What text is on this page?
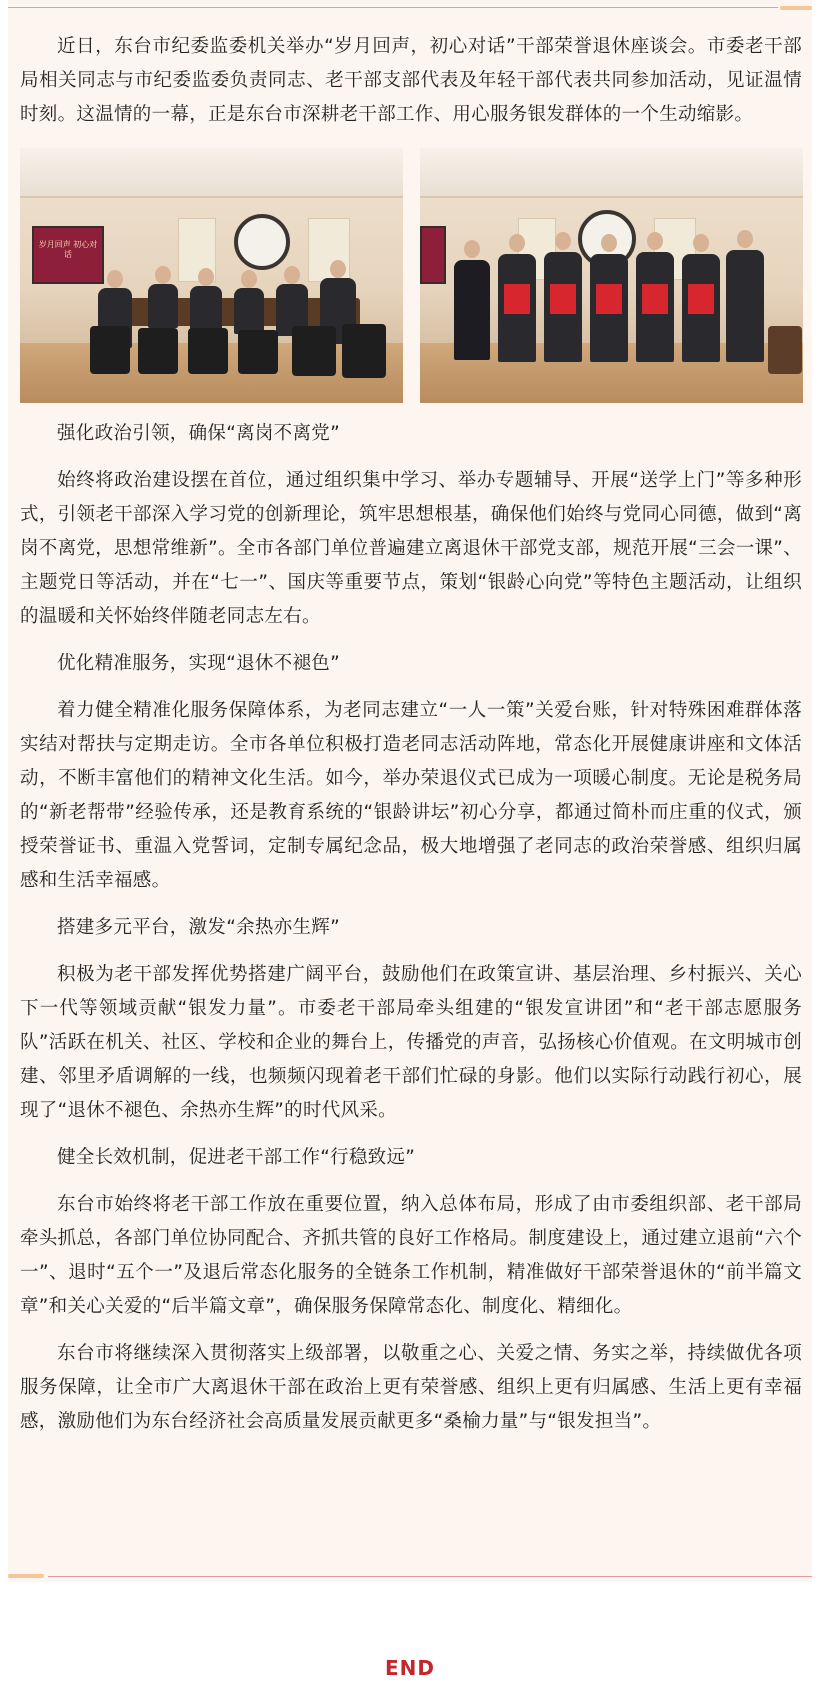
近日，东台市纪委监委机关举办“岁月回声，初心对话”干部荣誉退休座谈会。市委老干部局相关同志与市纪委监委负责同志、老干部支部代表及年轻干部代表共同参加活动，见证温情时刻。这温情的一幕，正是东台市深耕老干部工作、用心服务银发群体的一个生动缩影。

岁月回声 初心对话

强化政治引领，确保“离岗不离党”

始终将政治建设摆在首位，通过组织集中学习、举办专题辅导、开展“送学上门”等多种形式，引领老干部深入学习党的创新理论，筑牢思想根基，确保他们始终与党同心同德，做到“离岗不离党，思想常维新”。全市各部门单位普遍建立离退休干部党支部，规范开展“三会一课”、主题党日等活动，并在“七一”、国庆等重要节点，策划“银龄心向党”等特色主题活动，让组织的温暖和关怀始终伴随老同志左右。

优化精准服务，实现“退休不褪色”

着力健全精准化服务保障体系，为老同志建立“一人一策”关爱台账，针对特殊困难群体落实结对帮扶与定期走访。全市各单位积极打造老同志活动阵地，常态化开展健康讲座和文体活动，不断丰富他们的精神文化生活。如今，举办荣退仪式已成为一项暖心制度。无论是税务局的“新老帮带”经验传承，还是教育系统的“银龄讲坛”初心分享，都通过简朴而庄重的仪式，颁授荣誉证书、重温入党誓词，定制专属纪念品，极大地增强了老同志的政治荣誉感、组织归属感和生活幸福感。

搭建多元平台，激发“余热亦生辉”

积极为老干部发挥优势搭建广阔平台，鼓励他们在政策宣讲、基层治理、乡村振兴、关心下一代等领域贡献“银发力量”。市委老干部局牵头组建的“银发宣讲团”和“老干部志愿服务队”活跃在机关、社区、学校和企业的舞台上，传播党的声音，弘扬核心价值观。在文明城市创建、邻里矛盾调解的一线，也频频闪现着老干部们忙碌的身影。他们以实际行动践行初心，展现了“退休不褪色、余热亦生辉”的时代风采。

健全长效机制，促进老干部工作“行稳致远”

东台市始终将老干部工作放在重要位置，纳入总体布局，形成了由市委组织部、老干部局牵头抓总，各部门单位协同配合、齐抓共管的良好工作格局。制度建设上，通过建立退前“六个一”、退时“五个一”及退后常态化服务的全链条工作机制，精准做好干部荣誉退休的“前半篇文章”和关心关爱的“后半篇文章”，确保服务保障常态化、制度化、精细化。

东台市将继续深入贯彻落实上级部署，以敬重之心、关爱之情、务实之举，持续做优各项服务保障，让全市广大离退休干部在政治上更有荣誉感、组织上更有归属感、生活上更有幸福感，激励他们为东台经济社会高质量发展贡献更多“桑榆力量”与“银发担当”。

END
